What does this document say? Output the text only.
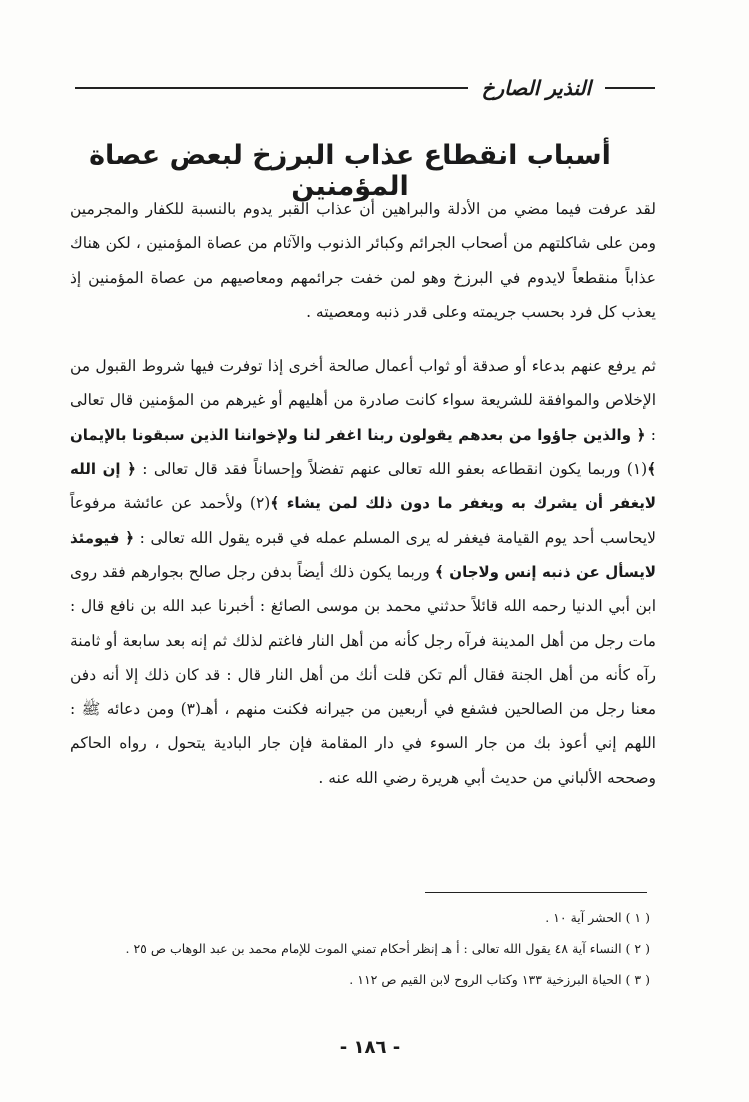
النذير الصارخ
أسباب انقطاع عذاب البرزخ لبعض عصاة المؤمنين

لقد عرفت فيما مضي من الأدلة والبراهين أن عذاب القبر يدوم بالنسبة للكفار والمجرمين ومن على شاكلتهم من أصحاب الجرائم وكبائر الذنوب والآثام من عصاة المؤمنين ، لكن هناك عذاباً منقطعاً لايدوم في البرزخ وهو لمن خفت جرائمهم ومعاصيهم من عصاة المؤمنين إذ يعذب كل فرد بحسب جريمته وعلى قدر ذنبه ومعصيته .

ثم يرفع عنهم بدعاء أو صدقة أو ثواب أعمال صالحة أخرى إذا توفرت فيها شروط القبول من الإخلاص والموافقة للشريعة سواء كانت صادرة من أهليهم أو غيرهم من المؤمنين قال تعالى : ﴿ والذين جاؤوا من بعدهم يقولون ربنا اغفر لنا ولإخواننا الذين سبقونا بالإيمان ﴾(١) وربما يكون انقطاعه بعفو الله تعالى عنهم تفضلاً وإحساناً فقد قال تعالى : ﴿ إن الله لايغفر أن يشرك به ويغفر ما دون ذلك لمن يشاء ﴾(٢) ولأحمد عن عائشة مرفوعاً لايحاسب أحد يوم القيامة فيغفر له يرى المسلم عمله في قبره يقول الله تعالى : ﴿ فيومئذ لايسأل عن ذنبه إنس ولاجان ﴾ وربما يكون ذلك أيضاً بدفن رجل صالح بجوارهم فقد روى ابن أبي الدنيا رحمه الله قائلاً حدثني محمد بن موسى الصائغ : أخبرنا عبد الله بن نافع قال : مات رجل من أهل المدينة فرآه رجل كأنه من أهل النار فاغتم لذلك ثم إنه بعد سابعة أو ثامنة رآه كأنه من أهل الجنة فقال ألم تكن قلت أنك من أهل النار قال : قد كان ذلك إلا أنه دفن معنا رجل من الصالحين فشفع في أربعين من جيرانه فكنت منهم ، أهـ(٣) ومن دعائه ﷺ : اللهم إني أعوذ بك من جار السوء في دار المقامة فإن جار البادية يتحول ، رواه الحاكم وصححه الألباني من حديث أبي هريرة رضي الله عنه .

( ١ ) الحشر آية ١٠ .
( ٢ ) النساء آية ٤٨ يقول الله تعالى : أ هـ إنظر أحكام تمني الموت للإمام محمد بن عبد الوهاب ص ٢٥ .
( ٣ ) الحياة البرزخية ١٣٣ وكتاب الروح لابن القيم ص ١١٢ .
- ١٨٦ -
